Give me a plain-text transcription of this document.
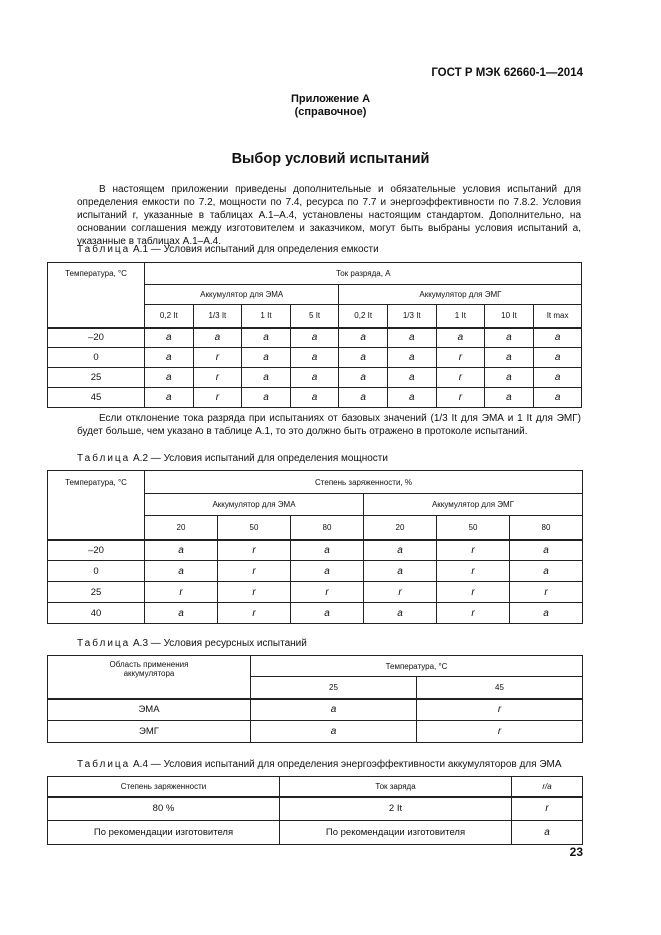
ГОСТ Р МЭК 62660-1—2014
Приложение А
(справочное)
Выбор условий испытаний
В настоящем приложении приведены дополнительные и обязательные условия испытаний для определения емкости по 7.2, мощности по 7.4, ресурса по 7.7 и энергоэффективности по 7.8.2. Условия испытаний r, указанные в таблицах А.1–А.4, установлены настоящим стандартом. Дополнительно, на основании соглашения между изготовителем и заказчиком, могут быть выбраны условия испытаний a, указанные в таблицах А.1–А.4.
Таблица А.1 — Условия испытаний для определения емкости
Температура, °С	Ток разряда, А								
	Аккумулятор для ЭМА				Аккумулятор для ЭМГ				
	0,2 It	1/3 It	1 It	5 It	0,2 It	1/3 It	1 It	10 It	It max
–20	a	a	a	a	a	a	a	a	a
0	a	r	a	a	a	a	r	a	a
25	a	r	a	a	a	a	r	a	a
45	a	r	a	a	a	a	r	a	a
Если отклонение тока разряда при испытаниях от базовых значений (1/3 It для ЭМА и 1 It для ЭМГ) будет больше, чем указано в таблице А.1, то это должно быть отражено в протоколе испытаний.
Таблица А.2 — Условия испытаний для определения мощности
Температура, °С	Степень заряженности, %					
	Аккумулятор для ЭМА			Аккумулятор для ЭМГ		
	20	50	80	20	50	80
–20	a	r	a	a	r	a
0	a	r	a	a	r	a
25	r	r	r	r	r	r
40	a	r	a	a	r	a
Таблица А.3 — Условия ресурсных испытаний
Область применения аккумулятора	Температура, °С	
	25	45
ЭМА	a	r
ЭМГ	a	r
Таблица А.4 — Условия испытаний для определения энергоэффективности аккумуляторов для ЭМА
Степень заряженности	Ток заряда	r/a
80 %	2 It	r
По рекомендации изготовителя	По рекомендации изготовителя	a
23
